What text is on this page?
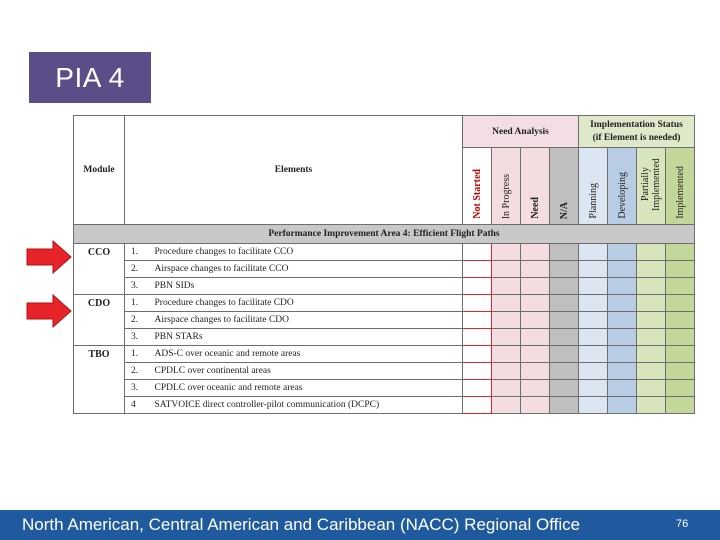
PIA 4
Module	Elements		Need Analysis				Implementation Status
(if Element is needed)			

			Not Started	In Progress	Need	N/A	Planning	Developing	Partially Implemented	Implemented
Performance Improvement Area 4: Efficient Flight Paths										
CCO	1.	Procedure changes to facilitate CCO								
	2.	Airspace changes to facilitate CCO								
	3.	PBN SIDs								
CDO	1.	Procedure changes to facilitate CDO								
	2.	Airspace changes to facilitate CDO								
	3.	PBN STARs								
TBO	1.	ADS-C over oceanic and remote areas								
	2.	CPDLC over continental areas								
	3.	CPDLC over oceanic and remote areas								
	4	SATVOICE direct controller-pilot communication (DCPC)								
North American, Central American and Caribbean (NACC) Regional Office	76
